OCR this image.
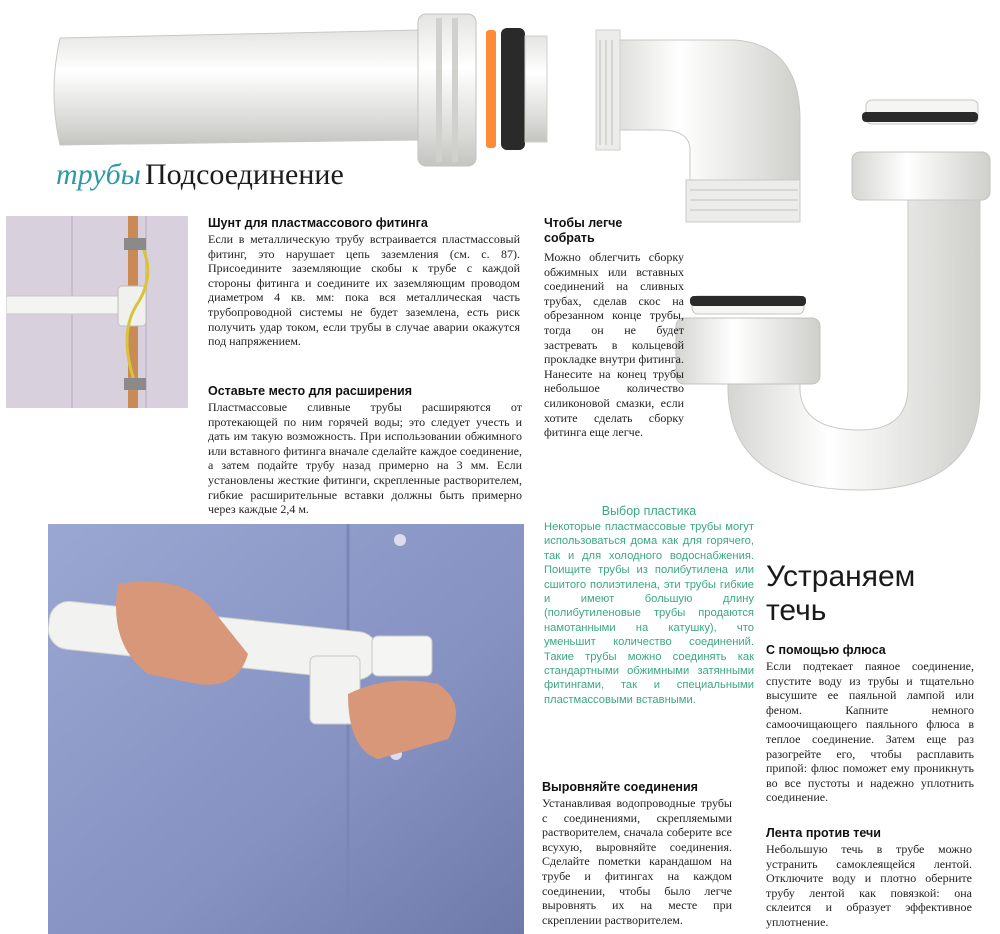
трубы Подсоединение
Шунт для пластмассового фитинга
Если в металлическую трубу встраивается пластмассовый фитинг, это нарушает цепь заземления (см. с. 87). Присоедините заземляющие скобы к трубе с каждой стороны фитинга и соедините их заземляющим проводом диаметром 4 кв. мм: пока вся металлическая часть трубопроводной системы не будет заземлена, есть риск получить удар током, если трубы в случае аварии окажутся под напряжением.
Оставьте место для расширения
Пластмассовые сливные трубы расширяются от протекающей по ним горячей воды; это следует учесть и дать им такую возможность. При использовании обжимного или вставного фитинга вначале сделайте каждое соединение, а затем подайте трубу назад примерно на 3 мм. Если установлены жесткие фитинги, скрепленные растворителем, гибкие расширительные вставки должны быть примерно через каждые 2,4 м.
Чтобы легче собрать
Можно облегчить сборку обжимных или вставных соединений на сливных трубах, сделав скос на обрезанном конце трубы, тогда он не будет застревать в кольцевой прокладке внутри фитинга. Нанесите на конец трубы небольшое количество силиконовой смазки, если хотите сделать сборку фитинга еще легче.
Выбор пластика
Некоторые пластмассовые трубы могут использоваться дома как для горячего, так и для холодного водоснабжения. Поищите трубы из полибутилена или сшитого полиэтилена, эти трубы гибкие и имеют большую длину (полибутиленовые трубы продаются намотанными на катушку), что уменьшит количество соединений. Такие трубы можно соединять как стандартными обжимными затянными фитингами, так и специальными пластмассовыми вставными.
Выровняйте соединения
Устанавливая водопроводные трубы с соединениями, скрепляемыми растворителем, сначала соберите все всухую, выровняйте соединения. Сделайте пометки карандашом на трубе и фитингах на каждом соединении, чтобы было легче выровнять их на месте при скреплении растворителем.
Устраняем течь
С помощью флюса
Если подтекает паяное соединение, спустите воду из трубы и тщательно высушите ее паяльной лампой или феном. Капните немного самоочищающего паяльного флюса в теплое соединение. Затем еще раз разогрейте его, чтобы расплавить припой: флюс поможет ему проникнуть во все пустоты и надежно уплотнить соединение.
Лента против течи
Небольшую течь в трубе можно устранить самоклеящейся лентой. Отключите воду и плотно оберните трубу лентой как повязкой: она склеится и образует эффективное уплотнение.
